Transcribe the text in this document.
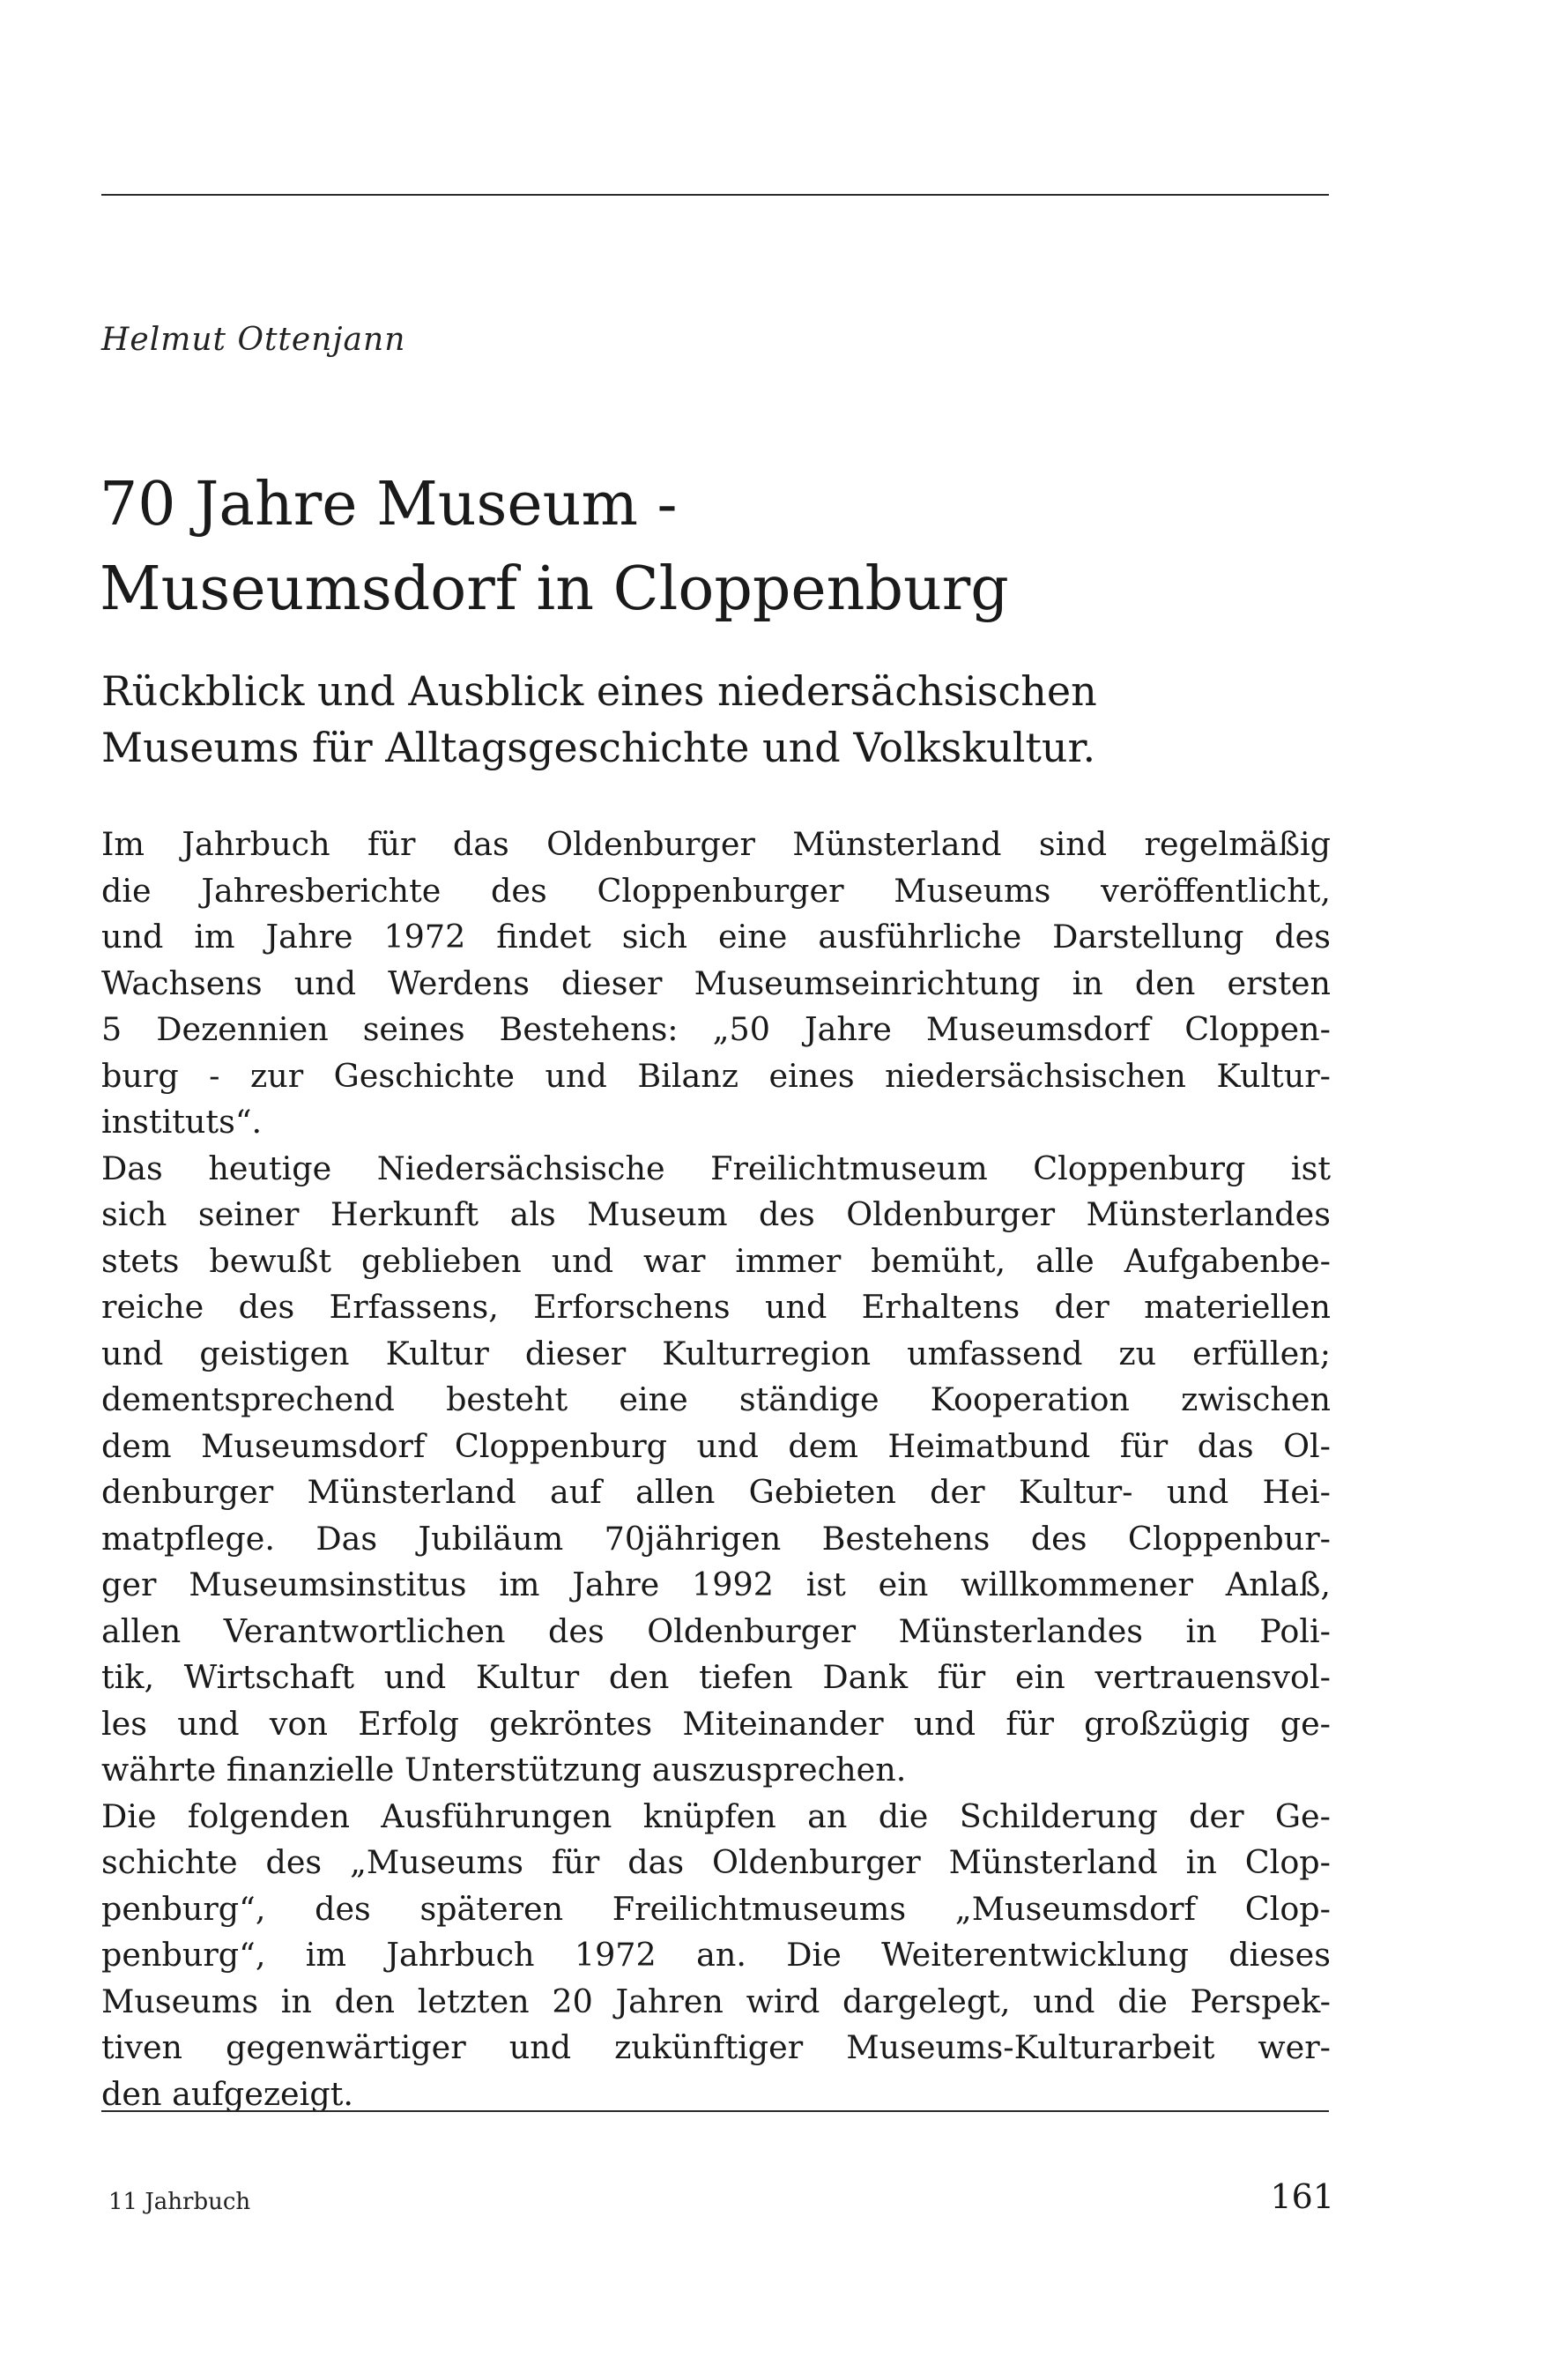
Helmut Ottenjann
70 Jahre Museum -
Museumsdorf in Cloppenburg
Rückblick und Ausblick eines niedersächsischen
Museums für Alltagsgeschichte und Volkskultur.
Im Jahrbuch für das Oldenburger Münsterland sind regelmäßig
die Jahresberichte des Cloppenburger Museums veröffentlicht,
und im Jahre 1972 findet sich eine ausführliche Darstellung des
Wachsens und Werdens dieser Museumseinrichtung in den ersten
5 Dezennien seines Bestehens: „50 Jahre Museumsdorf Cloppen-
burg - zur Geschichte und Bilanz eines niedersächsischen Kultur-
instituts“.
Das heutige Niedersächsische Freilichtmuseum Cloppenburg ist
sich seiner Herkunft als Museum des Oldenburger Münsterlandes
stets bewußt geblieben und war immer bemüht, alle Aufgabenbe-
reiche des Erfassens, Erforschens und Erhaltens der materiellen
und geistigen Kultur dieser Kulturregion umfassend zu erfüllen;
dementsprechend besteht eine ständige Kooperation zwischen
dem Museumsdorf Cloppenburg und dem Heimatbund für das Ol-
denburger Münsterland auf allen Gebieten der Kultur- und Hei-
matpflege. Das Jubiläum 70jährigen Bestehens des Cloppenbur-
ger Museumsinstitus im Jahre 1992 ist ein willkommener Anlaß,
allen Verantwortlichen des Oldenburger Münsterlandes in Poli-
tik, Wirtschaft und Kultur den tiefen Dank für ein vertrauensvol-
les und von Erfolg gekröntes Miteinander und für großzügig ge-
währte finanzielle Unterstützung auszusprechen.
Die folgenden Ausführungen knüpfen an die Schilderung der Ge-
schichte des „Museums für das Oldenburger Münsterland in Clop-
penburg“, des späteren Freilichtmuseums „Museumsdorf Clop-
penburg“, im Jahrbuch 1972 an. Die Weiterentwicklung dieses
Museums in den letzten 20 Jahren wird dargelegt, und die Perspek-
tiven gegenwärtiger und zukünftiger Museums-Kulturarbeit wer-
den aufgezeigt.
11 Jahrbuch	161
